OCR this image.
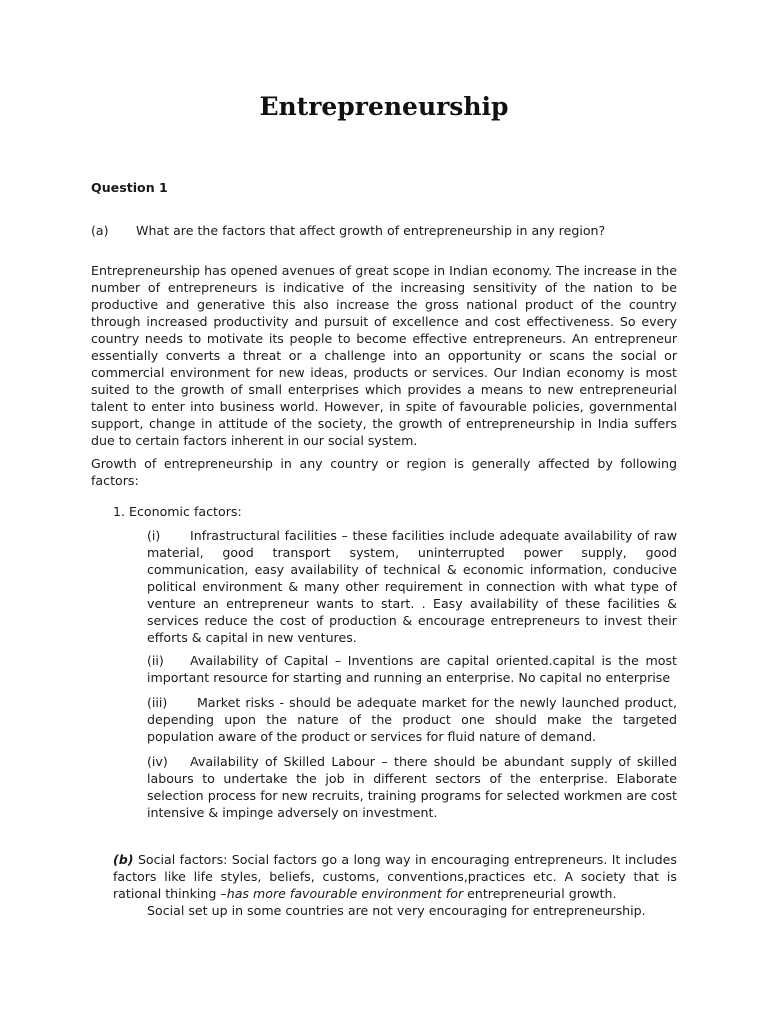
Entrepreneurship
Question 1
(a) What are the factors that affect growth of entrepreneurship in any region?

Entrepreneurship has opened avenues of great scope in Indian economy. The increase in the number of entrepreneurs is indicative of the increasing sensitivity of the nation to be productive and generative this also increase the gross national product of the country through increased productivity and pursuit of excellence and cost effectiveness. So every country needs to motivate its people to become effective entrepreneurs. An entrepreneur essentially converts a threat or a challenge into an opportunity or scans the social or commercial environment for new ideas, products or services. Our Indian economy is most suited to the growth of small enterprises which provides a means to new entrepreneurial talent to enter into business world. However, in spite of favourable policies, governmental support, change in attitude of the society, the growth of entrepreneurship in India suffers due to certain factors inherent in our social system.

Growth of entrepreneurship in any country or region is generally affected by following factors:

1. Economic factors:

(i) Infrastructural facilities – these facilities include adequate availability of raw material, good transport system, uninterrupted power supply, good communication, easy availability of technical & economic information, conducive political environment & many other requirement in connection with what type of venture an entrepreneur wants to start. . Easy availability of these facilities & services reduce the cost of production & encourage entrepreneurs to invest their efforts & capital in new ventures.

(ii) Availability of Capital – Inventions are capital oriented.capital is the most important resource for starting and running an enterprise. No capital no enterprise

(iii) Market risks - should be adequate market for the newly launched product, depending upon the nature of the product one should make the targeted population aware of the product or services for fluid nature of demand.

(iv) Availability of Skilled Labour – there should be abundant supply of skilled labours to undertake the job in different sectors of the enterprise. Elaborate selection process for new recruits, training programs for selected workmen are cost intensive & impinge adversely on investment.

(b) Social factors: Social factors go a long way in encouraging entrepreneurs. It includes factors like life styles, beliefs, customs, conventions,practices etc. A society that is rational thinking –has more favourable environment for entrepreneurial growth.
Social set up in some countries are not very encouraging for entrepreneurship.
